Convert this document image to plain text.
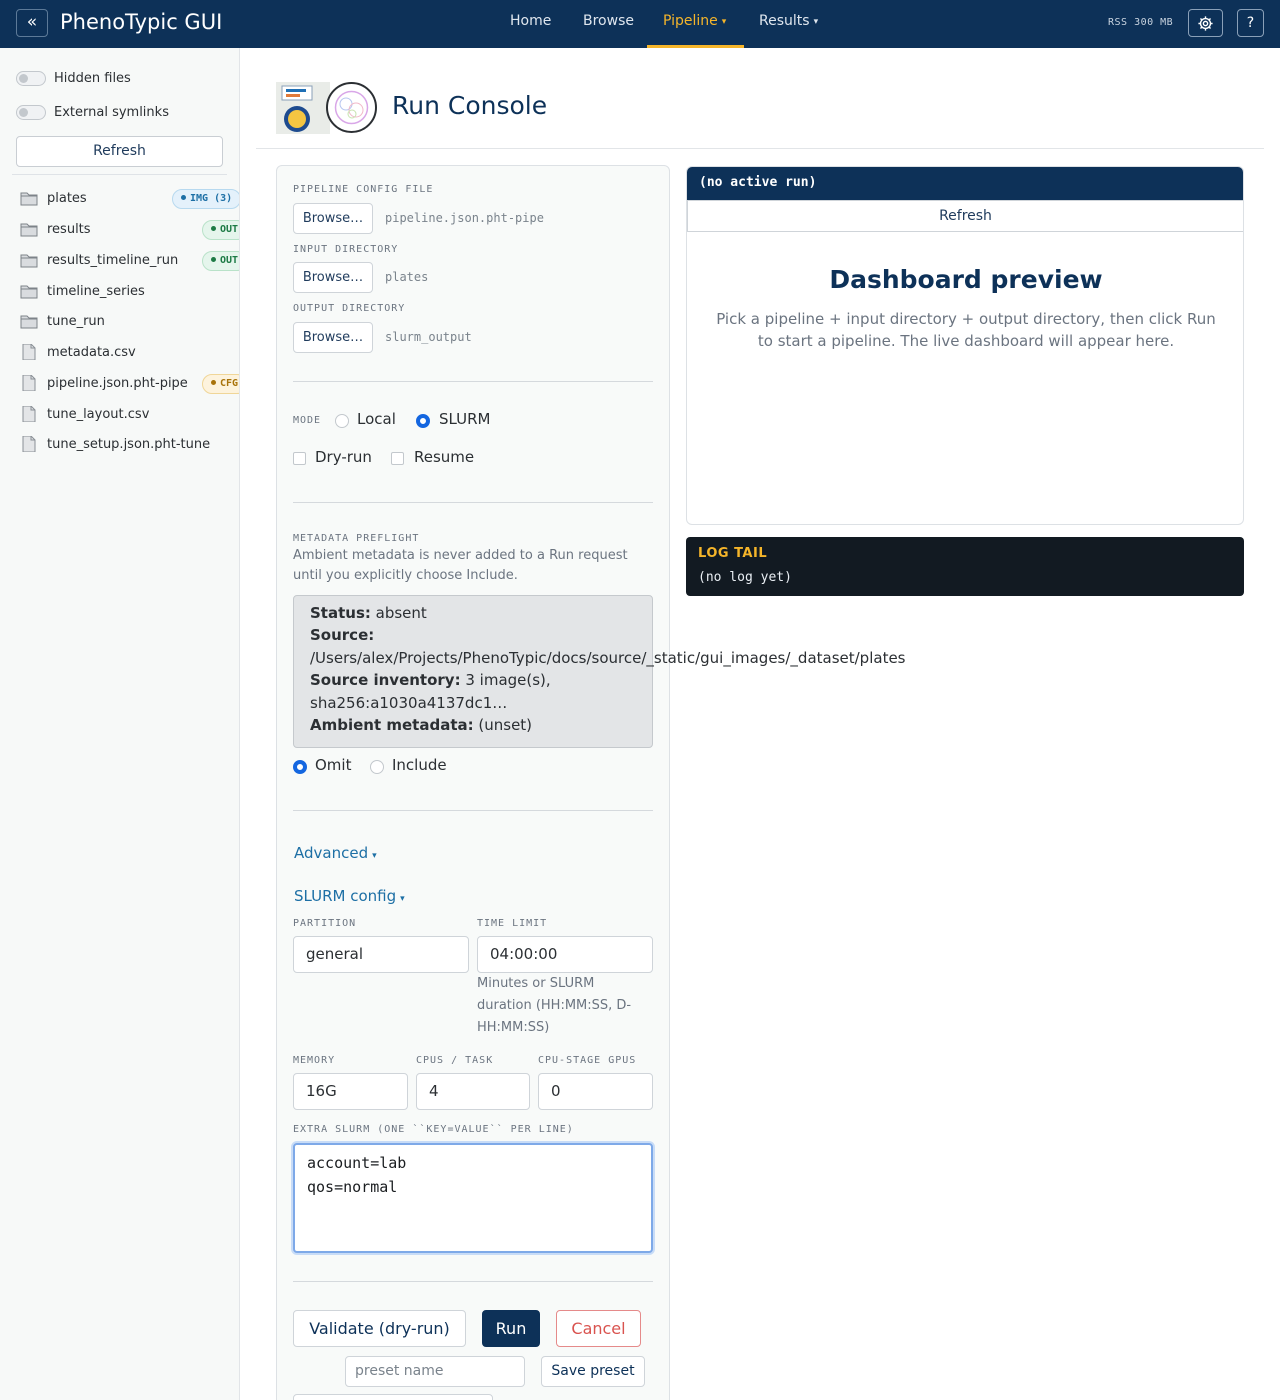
«	PhenoTypic GUI	Home Browse	Pipeline ▾	Results ▾	RSS 300 MB	?
Hidden files
External symlinks
Refresh
plates	IMG (3)
results	OUT
results_timeline_run	OUT
timeline_series
tune_run
metadata.csv
pipeline.json.pht-pipe	CFG
tune_layout.csv
tune_setup.json.pht-tune
Run Console
PIPELINE CONFIG FILE
Browse…	pipeline.json.pht-pipe
INPUT DIRECTORY
Browse…	plates
OUTPUT DIRECTORY
Browse…	slurm_output
MODE Local	SLURM
Dry-run	Resume
METADATA PREFLIGHT
Ambient metadata is never added to a Run request until you explicitly choose Include.
Status: absent
Source:
/Users/alex/Projects/PhenoTypic/docs/source/_static/gui_images/_dataset/plates
Source inventory: 3 image(s),
sha256:a1030a4137dc1…
Ambient metadata: (unset)
Omit	Include
Advanced ▾
SLURM config ▾
PARTITION
general
TIME LIMIT
04:00:00
Minutes or SLURM duration (HH:MM:SS, D-HH:MM:SS)
MEMORY
16G
CPUS / TASK
4
CPU-STAGE GPUS
0
EXTRA SLURM (ONE ``KEY=VALUE`` PER LINE)
account=lab
qos=normal
Validate (dry-run)	Run	Cancel
preset name	Save preset
(no active run)
Refresh
Dashboard preview
Pick a pipeline + input directory + output directory, then click Run to start a pipeline. The live dashboard will appear here.
LOG TAIL
(no log yet)
